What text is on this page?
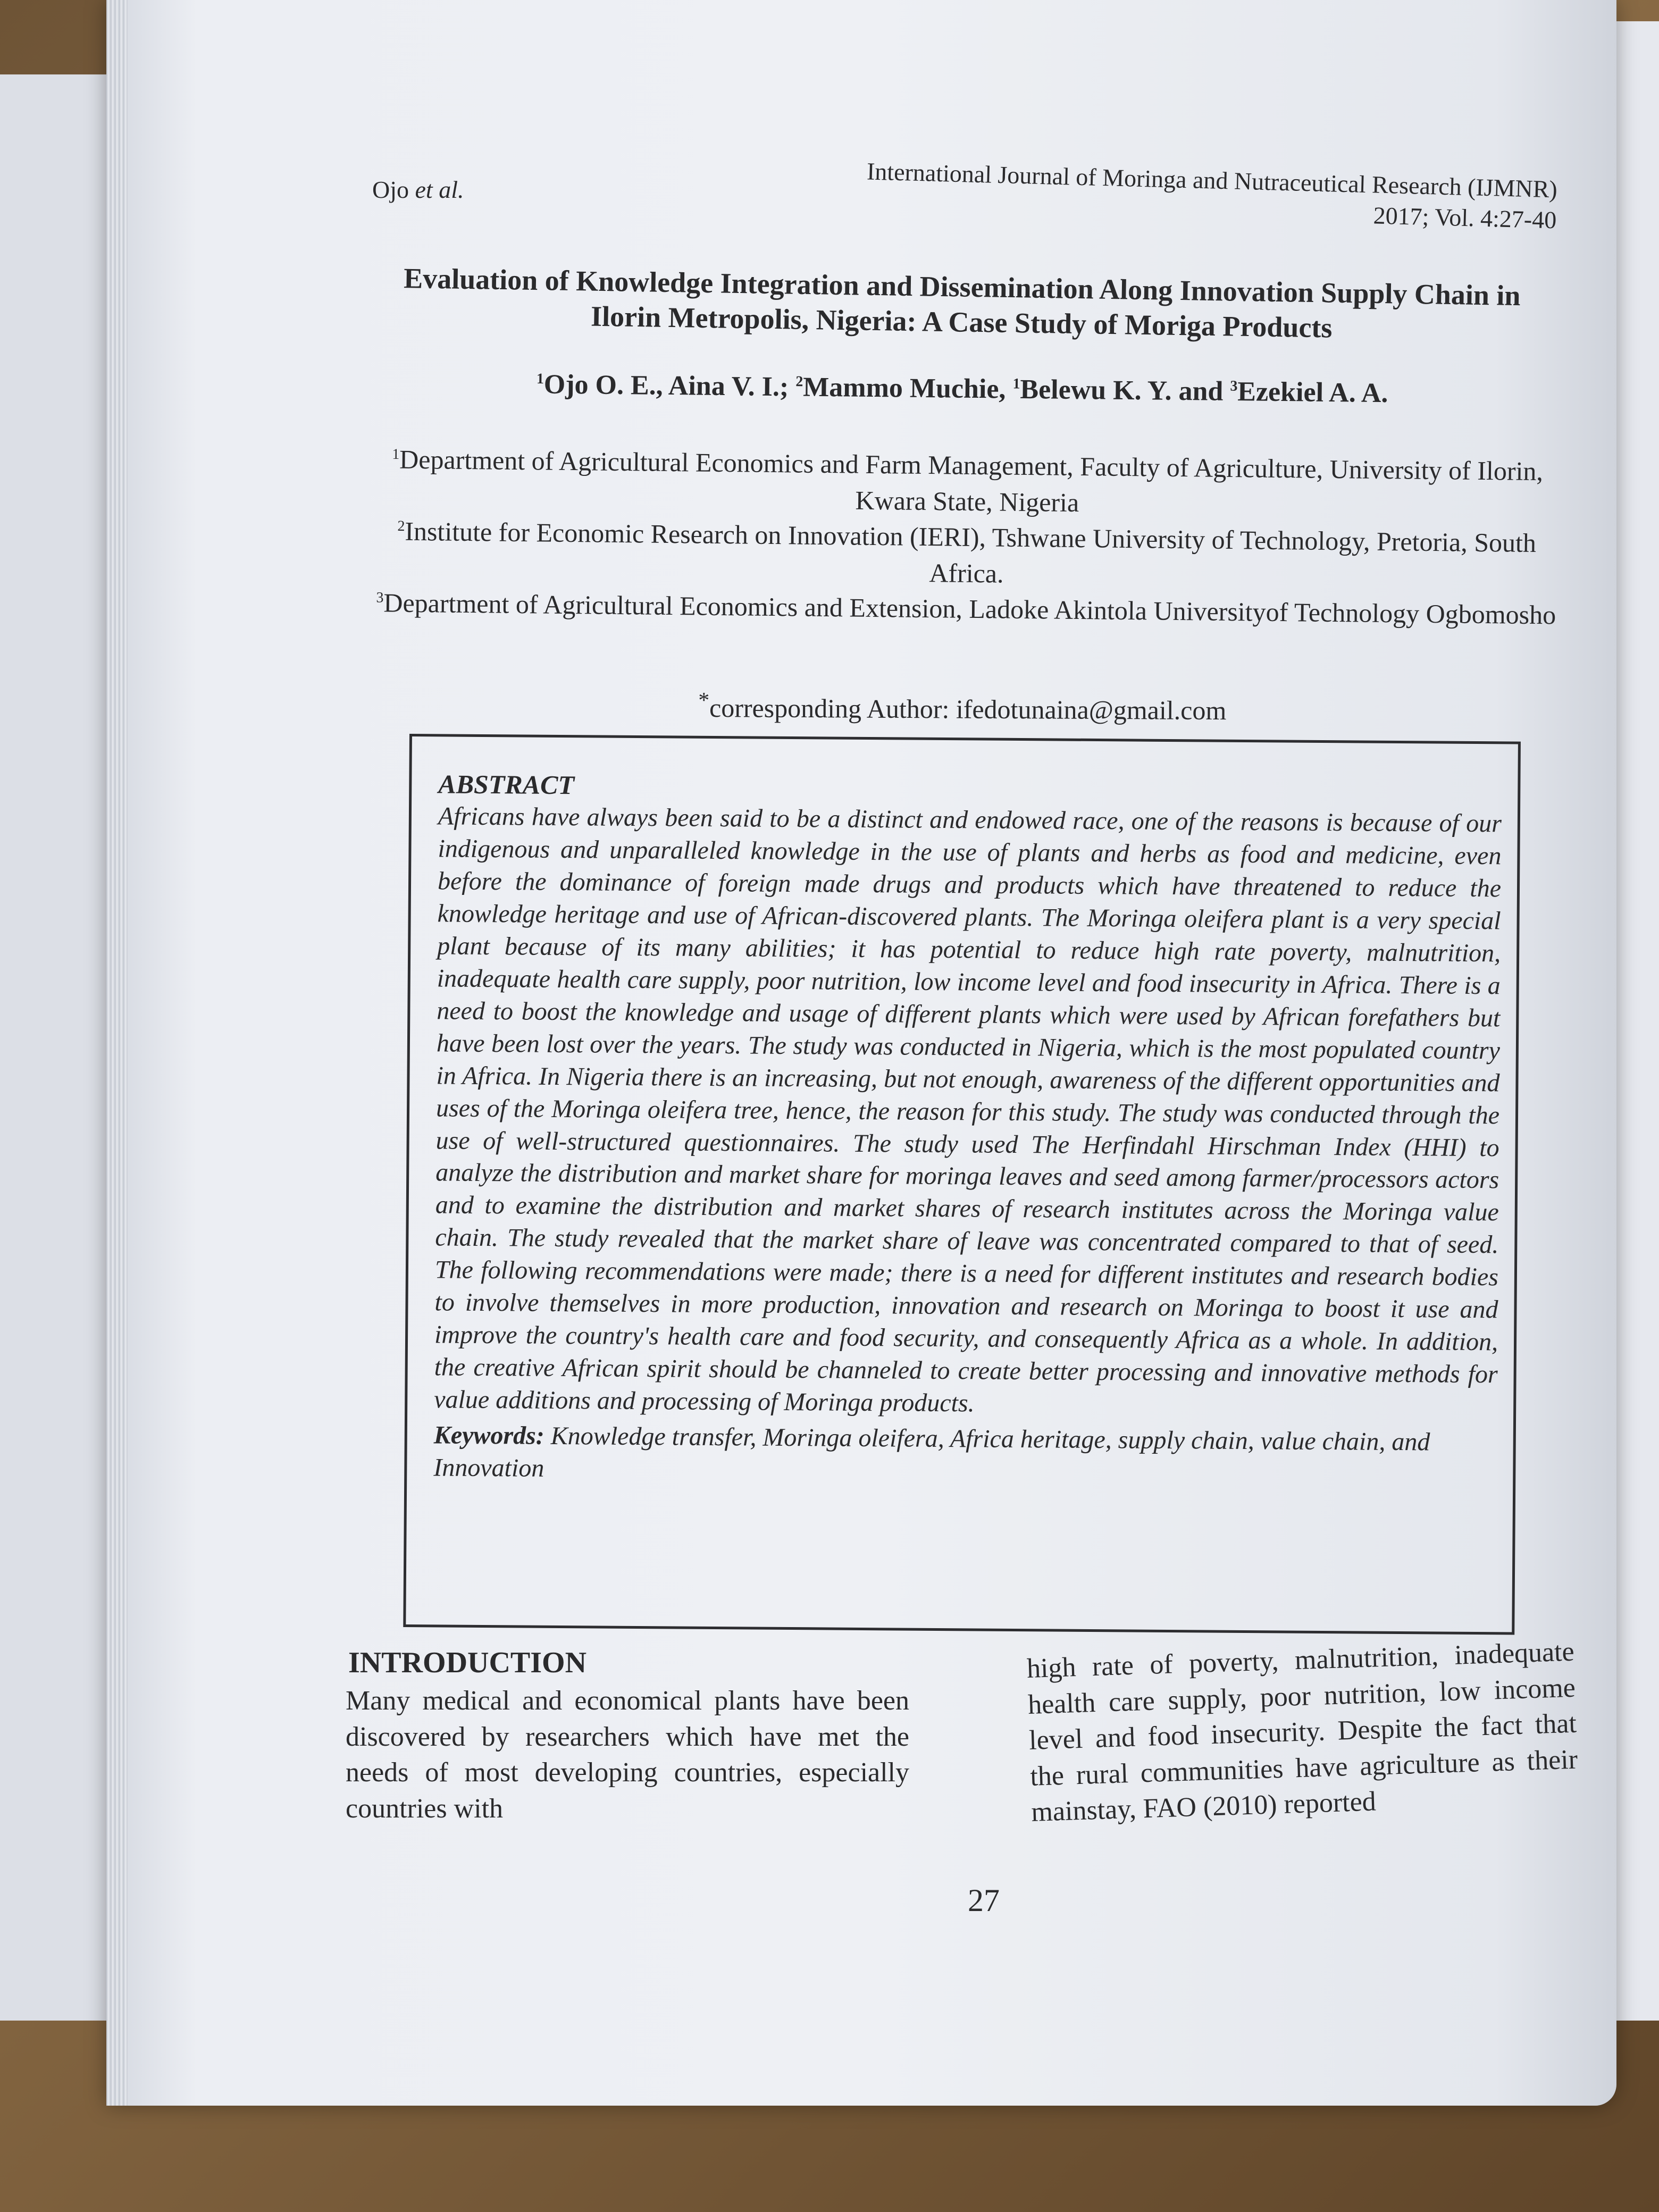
Ojo et al.	International Journal of Moringa and Nutraceutical Research (IJMNR)
2017; Vol. 4:27-40
Evaluation of Knowledge Integration and Dissemination Along Innovation Supply Chain in Ilorin Metropolis, Nigeria: A Case Study of Moriga Products
$^1$Ojo O. E., Aina V. I.; $^2$Mammo Muchie, $^1$Belewu K. Y. and $^3$Ezekiel A. A.
$^1$Department of Agricultural Economics and Farm Management, Faculty of Agriculture, University of Ilorin, Kwara State, Nigeria
$^2$Institute for Economic Research on Innovation (IERI), Tshwane University of Technology, Pretoria, South Africa.
$^3$Department of Agricultural Economics and Extension, Ladoke Akintola Universityof Technology Ogbomosho
*corresponding Author: ifedotunaina@gmail.com
ABSTRACT

Africans have always been said to be a distinct and endowed race, one of the reasons is because of our indigenous and unparalleled knowledge in the use of plants and herbs as food and medicine, even before the dominance of foreign made drugs and products which have threatened to reduce the knowledge heritage and use of African-discovered plants. The Moringa oleifera plant is a very special plant because of its many abilities; it has potential to reduce high rate poverty, malnutrition, inadequate health care supply, poor nutrition, low income level and food insecurity in Africa. There is a need to boost the knowledge and usage of different plants which were used by African forefathers but have been lost over the years. The study was conducted in Nigeria, which is the most populated country in Africa. In Nigeria there is an increasing, but not enough, awareness of the different opportunities and uses of the Moringa oleifera tree, hence, the reason for this study. The study was conducted through the use of well-structured questionnaires. The study used The Herfindahl Hirschman Index (HHI) to analyze the distribution and market share for moringa leaves and seed among farmer/processors actors and to examine the distribution and market shares of research institutes across the Moringa value chain. The study revealed that the market share of leave was concentrated compared to that of seed. The following recommendations were made; there is a need for different institutes and research bodies to involve themselves in more production, innovation and research on Moringa to boost it use and improve the country's health care and food security, and consequently Africa as a whole. In addition, the creative African spirit should be channeled to create better processing and innovative methods for value additions and processing of Moringa products.

Keywords: Knowledge transfer, Moringa oleifera, Africa heritage, supply chain, value chain, and Innovation
INTRODUCTION
Many medical and economical plants have been discovered by researchers which have met the needs of most developing countries, especially countries with
high rate of poverty, malnutrition, inadequate health care supply, poor nutrition, low income level and food insecurity. Despite the fact that the rural communities have agriculture as their mainstay, FAO (2010) reported
27
